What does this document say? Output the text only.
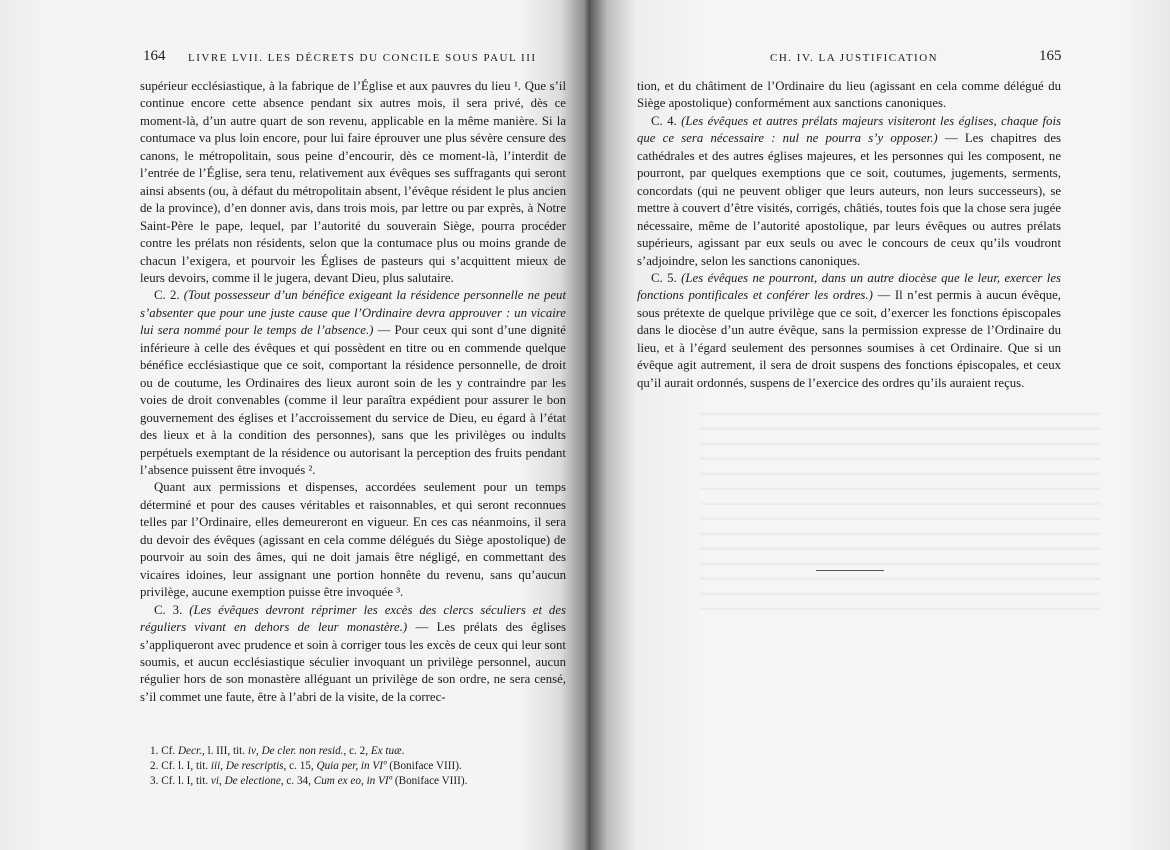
164 LIVRE LVII. LES DÉCRETS DU CONCILE SOUS PAUL III

supérieur ecclésiastique, à la fabrique de l’Église et aux pauvres du lieu ¹. Que s’il continue encore cette absence pendant six autres mois, il sera privé, dès ce moment-là, d’un autre quart de son revenu, applicable en la même manière. Si la contumace va plus loin encore, pour lui faire éprouver une plus sévère censure des canons, le métropolitain, sous peine d’encourir, dès ce moment-là, l’interdit de l’entrée de l’Église, sera tenu, relativement aux évêques ses suffragants qui seront ainsi absents (ou, à défaut du métropolitain absent, l’évêque résident le plus ancien de la province), d’en donner avis, dans trois mois, par lettre ou par exprès, à Notre Saint-Père le pape, lequel, par l’autorité du souverain Siège, pourra procéder contre les prélats non résidents, selon que la contumace plus ou moins grande de chacun l’exigera, et pourvoir les Églises de pasteurs qui s’acquittent mieux de leurs devoirs, comme il le jugera, devant Dieu, plus salutaire.

C. 2. (Tout possesseur d’un bénéfice exigeant la résidence personnelle ne peut s’absenter que pour une juste cause que l’Ordinaire devra approuver : un vicaire lui sera nommé pour le temps de l’absence.) — Pour ceux qui sont d’une dignité inférieure à celle des évêques et qui possèdent en titre ou en commende quelque bénéfice ecclésiastique que ce soit, comportant la résidence personnelle, de droit ou de coutume, les Ordinaires des lieux auront soin de les y contraindre par les voies de droit convenables (comme il leur paraîtra expédient pour assurer le bon gouvernement des églises et l’accroissement du service de Dieu, eu égard à l’état des lieux et à la condition des personnes), sans que les privilèges ou indults perpétuels exemptant de la résidence ou autorisant la perception des fruits pendant l’absence puissent être invoqués ².

Quant aux permissions et dispenses, accordées seulement pour un temps déterminé et pour des causes véritables et raisonnables, et qui seront reconnues telles par l’Ordinaire, elles demeureront en vigueur. En ces cas néanmoins, il sera du devoir des évêques (agissant en cela comme délégués du Siège apostolique) de pourvoir au soin des âmes, qui ne doit jamais être négligé, en commettant des vicaires idoines, leur assignant une portion honnête du revenu, sans qu’aucun privilège, aucune exemption puisse être invoquée ³.

C. 3. (Les évêques devront réprimer les excès des clercs séculiers et des réguliers vivant en dehors de leur monastère.) — Les prélats des églises s’appliqueront avec prudence et soin à corriger tous les excès de ceux qui leur sont soumis, et aucun ecclésiastique séculier invoquant un privilège personnel, aucun régulier hors de son monastère alléguant un privilège de son ordre, ne sera censé, s’il commet une faute, être à l’abri de la visite, de la correc-

1. Cf. Decr., l. III, tit. iv, De cler. non resid., c. 2, Ex tuæ.
2. Cf. l. I, tit. iii, De rescriptis, c. 15, Quia per, in VIº (Boniface VIII).
3. Cf. l. I, tit. vi, De electione, c. 34, Cum ex eo, in VIº (Boniface VIII).
CH. IV. LA JUSTIFICATION	165

tion, et du châtiment de l’Ordinaire du lieu (agissant en cela comme délégué du Siège apostolique) conformément aux sanctions canoniques.

C. 4. (Les évêques et autres prélats majeurs visiteront les églises, chaque fois que ce sera nécessaire : nul ne pourra s’y opposer.) — Les chapitres des cathédrales et des autres églises majeures, et les personnes qui les composent, ne pourront, par quelques exemptions que ce soit, coutumes, jugements, serments, concordats (qui ne peuvent obliger que leurs auteurs, non leurs successeurs), se mettre à couvert d’être visités, corrigés, châtiés, toutes fois que la chose sera jugée nécessaire, même de l’autorité apostolique, par leurs évêques ou autres prélats supérieurs, agissant par eux seuls ou avec le concours de ceux qu’ils voudront s’adjoindre, selon les sanctions canoniques.

C. 5. (Les évêques ne pourront, dans un autre diocèse que le leur, exercer les fonctions pontificales et conférer les ordres.) — Il n’est permis à aucun évêque, sous prétexte de quelque privilège que ce soit, d’exercer les fonctions épiscopales dans le diocèse d’un autre évêque, sans la permission expresse de l’Ordinaire du lieu, et à l’égard seulement des personnes soumises à cet Ordinaire. Que si un évêque agit autrement, il sera de droit suspens des fonctions épiscopales, et ceux qu’il aurait ordonnés, suspens de l’exercice des ordres qu’ils auraient reçus.
